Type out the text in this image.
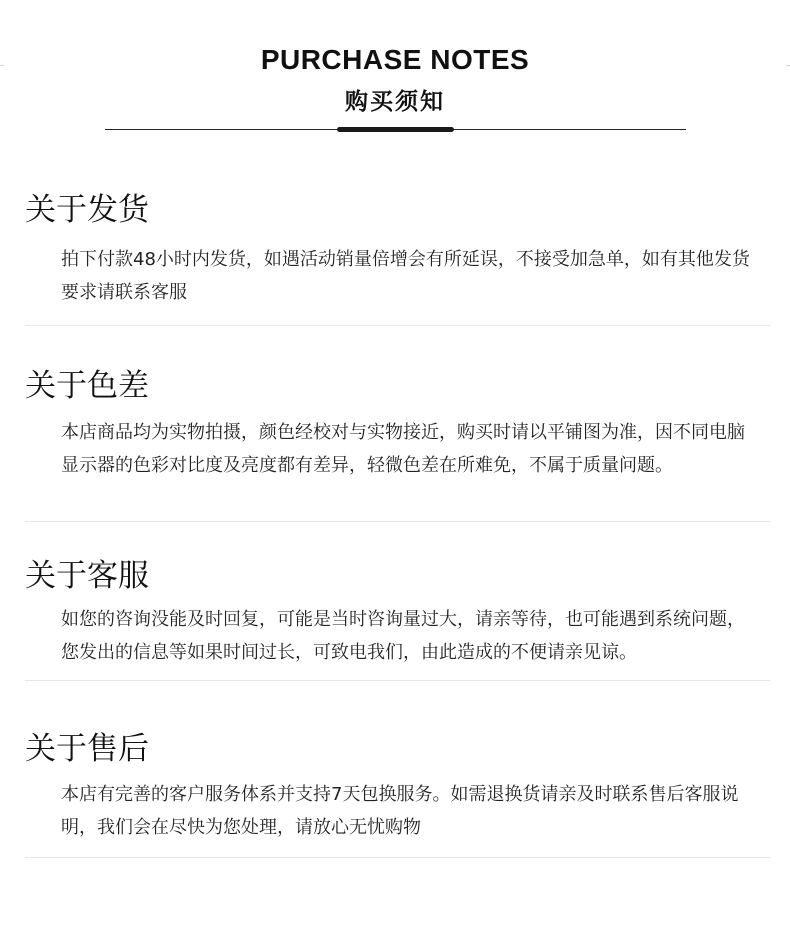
PURCHASE NOTES
购买须知
关于发货
拍下付款48小时内发货，如遇活动销量倍增会有所延误，不接受加急单，如有其他发货要求请联系客服
关于色差
本店商品均为实物拍摄，颜色经校对与实物接近，购买时请以平铺图为准，因不同电脑显示器的色彩对比度及亮度都有差异，轻微色差在所难免，不属于质量问题。
关于客服
如您的咨询没能及时回复，可能是当时咨询量过大，请亲等待，也可能遇到系统问题，您发出的信息等如果时间过长，可致电我们，由此造成的不便请亲见谅。
关于售后
本店有完善的客户服务体系并支持7天包换服务。如需退换货请亲及时联系售后客服说明，我们会在尽快为您处理，请放心无忧购物
